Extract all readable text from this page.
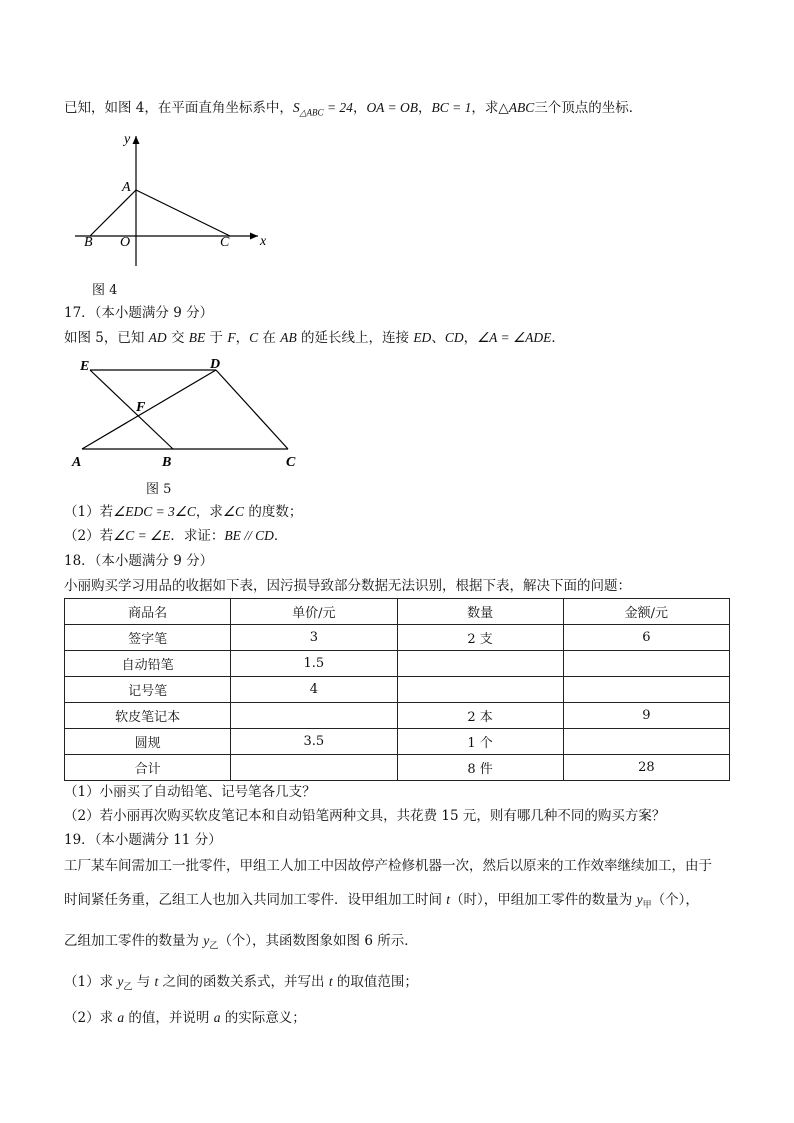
已知，如图 4，在平面直角坐标系中，$S_{\triangle ABC} = 24$，OA = OB，BC = 1，求△ABC三个顶点的坐标．
y
x
A
B O	C
图 4
17．（本小题满分 9 分）
如图 5，已知 AD 交 BE 于 F，C 在 AB 的延长线上，连接 ED、CD，∠A = ∠ADE．
E	D
F
A	B	C
图 5
（1）若∠EDC = 3∠C，求∠C 的度数；
（2）若∠C = ∠E．求证：BE // CD．
18．（本小题满分 9 分）
小丽购买学习用品的收据如下表，因污损导致部分数据无法识别，根据下表，解决下面的问题：
商品名	单价/元	数量	金额/元
签字笔	3	2 支	6
自动铅笔	1.5		
记号笔	4		
软皮笔记本		2 本	9
圆规	3.5	1 个	
合计		8 件	28
（1）小丽买了自动铅笔、记号笔各几支？
（2）若小丽再次购买软皮笔记本和自动铅笔两种文具，共花费 15 元，则有哪几种不同的购买方案？
19．（本小题满分 11 分）
工厂某车间需加工一批零件，甲组工人加工中因故停产检修机器一次，然后以原来的工作效率继续加工，由于
时间紧任务重，乙组工人也加入共同加工零件．设甲组加工时间 t（时），甲组加工零件的数量为 $y_甲$（个），
乙组加工零件的数量为 $y_乙$（个），其函数图象如图 6 所示．
（1）求 $y_乙$ 与 t 之间的函数关系式，并写出 t 的取值范围；
（2）求 a 的值，并说明 a 的实际意义；
